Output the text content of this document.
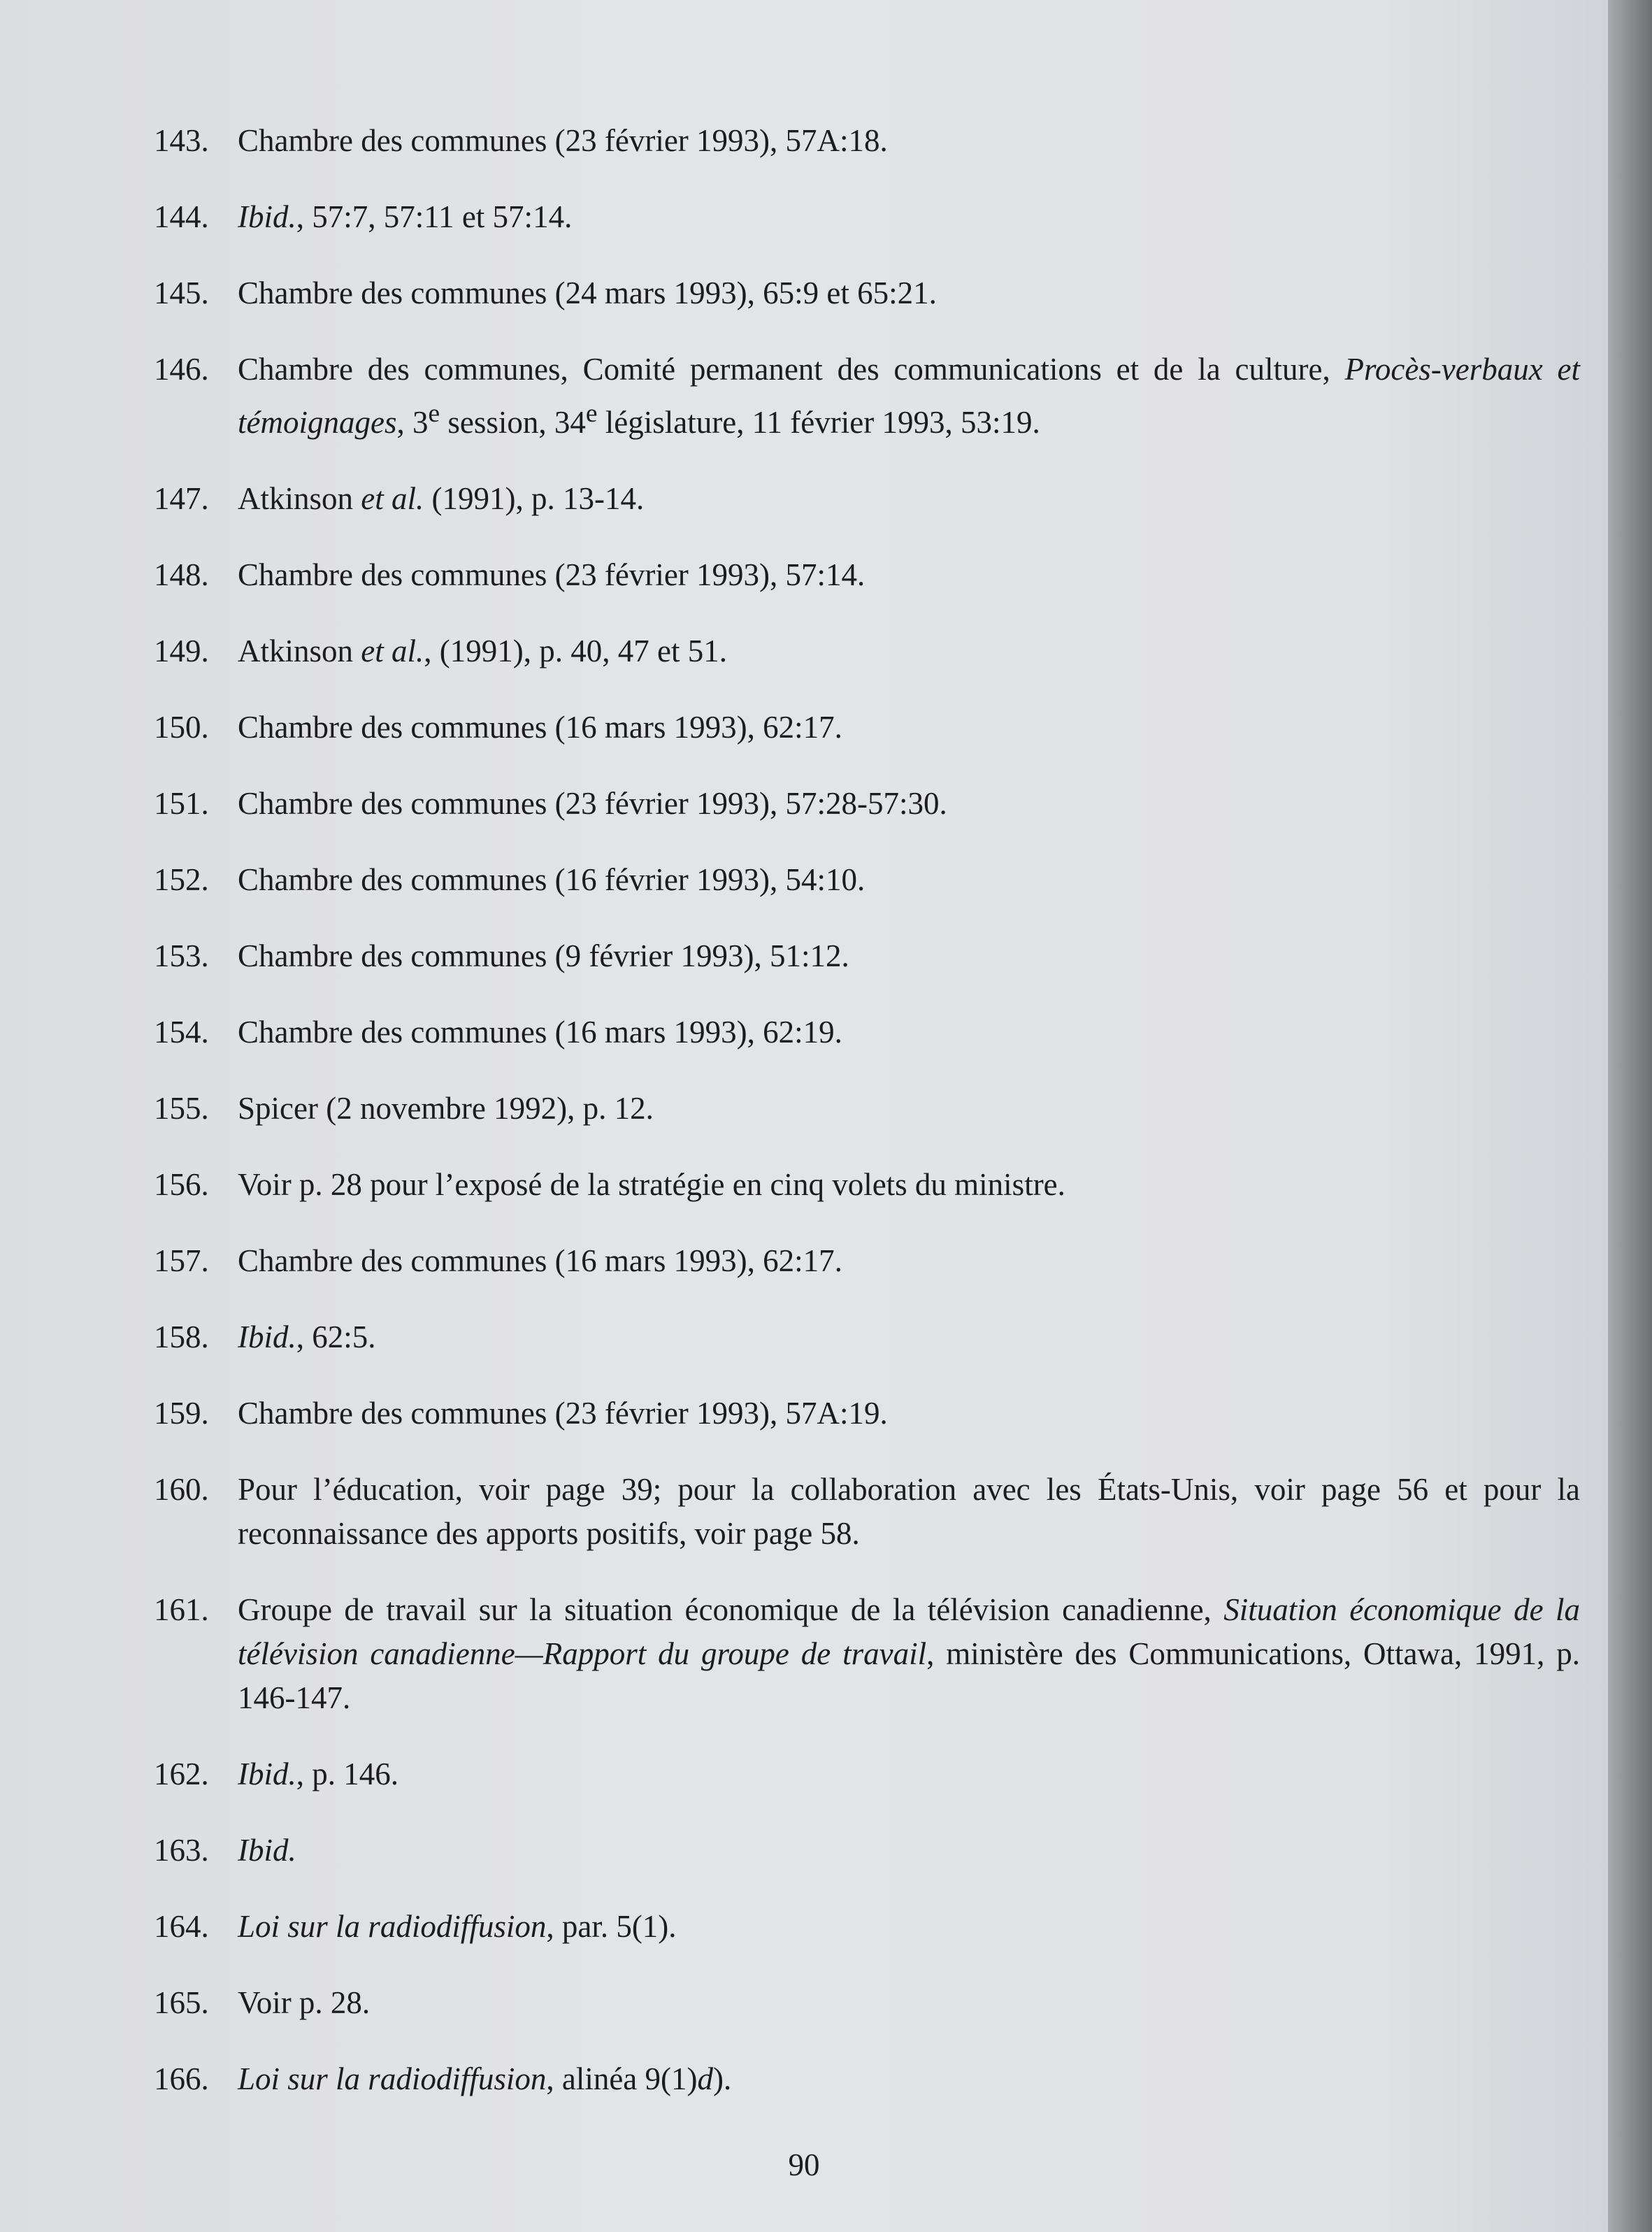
143. Chambre des communes (23 février 1993), 57A:18.
144. Ibid., 57:7, 57:11 et 57:14.
145. Chambre des communes (24 mars 1993), 65:9 et 65:21.
146. Chambre des communes, Comité permanent des communications et de la culture, Procès-verbaux et témoignages, 3e session, 34e législature, 11 février 1993, 53:19.
147. Atkinson et al. (1991), p. 13-14.
148. Chambre des communes (23 février 1993), 57:14.
149. Atkinson et al., (1991), p. 40, 47 et 51.
150. Chambre des communes (16 mars 1993), 62:17.
151. Chambre des communes (23 février 1993), 57:28-57:30.
152. Chambre des communes (16 février 1993), 54:10.
153. Chambre des communes (9 février 1993), 51:12.
154. Chambre des communes (16 mars 1993), 62:19.
155. Spicer (2 novembre 1992), p. 12.
156. Voir p. 28 pour l’exposé de la stratégie en cinq volets du ministre.
157. Chambre des communes (16 mars 1993), 62:17.
158. Ibid., 62:5.
159. Chambre des communes (23 février 1993), 57A:19.
160. Pour l’éducation, voir page 39; pour la collaboration avec les États-Unis, voir page 56 et pour la reconnaissance des apports positifs, voir page 58.
161. Groupe de travail sur la situation économique de la télévision canadienne, Situation économique de la télévision canadienne—Rapport du groupe de travail, ministère des Communications, Ottawa, 1991, p. 146-147.
162. Ibid., p. 146.
163. Ibid.
164. Loi sur la radiodiffusion, par. 5(1).
165. Voir p. 28.
166. Loi sur la radiodiffusion, alinéa 9(1)d).
90
